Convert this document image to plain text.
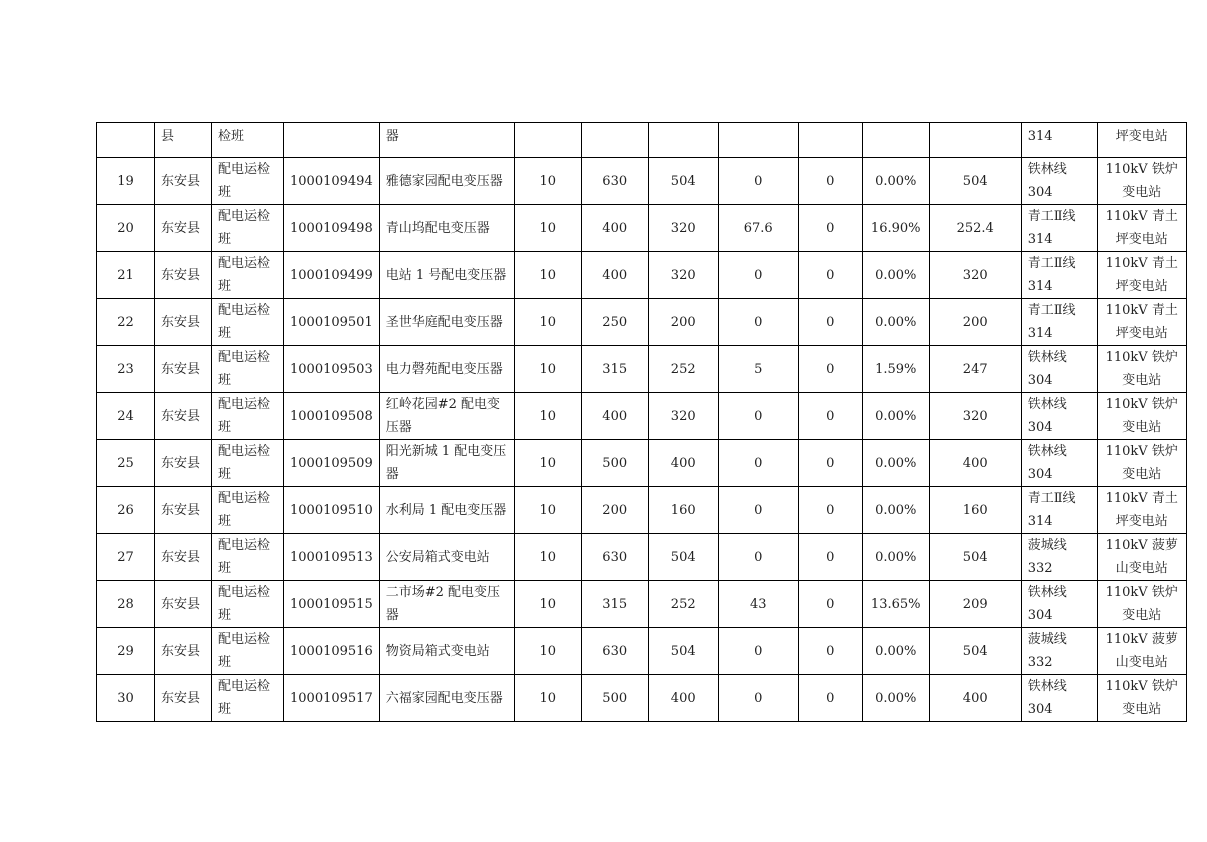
	县	检班		器								314	坪变电站
19	东安县	配电运检班	1000109494	雅德家园配电变压器	10	630	504	0	0	0.00%	504	铁林线304	110kV 铁炉变电站
20	东安县	配电运检班	1000109498	青山坞配电变压器	10	400	320	67.6	0	16.90%	252.4	青工Ⅱ线314	110kV 青土坪变电站
21	东安县	配电运检班	1000109499	电站 1 号配电变压器	10	400	320	0	0	0.00%	320	青工Ⅱ线314	110kV 青土坪变电站
22	东安县	配电运检班	1000109501	圣世华庭配电变压器	10	250	200	0	0	0.00%	200	青工Ⅱ线314	110kV 青土坪变电站
23	东安县	配电运检班	1000109503	电力磬苑配电变压器	10	315	252	5	0	1.59%	247	铁林线304	110kV 铁炉变电站
24	东安县	配电运检班	1000109508	红岭花园#2 配电变压器	10	400	320	0	0	0.00%	320	铁林线304	110kV 铁炉变电站
25	东安县	配电运检班	1000109509	阳光新城 1 配电变压器	10	500	400	0	0	0.00%	400	铁林线304	110kV 铁炉变电站
26	东安县	配电运检班	1000109510	水利局 1 配电变压器	10	200	160	0	0	0.00%	160	青工Ⅱ线314	110kV 青土坪变电站
27	东安县	配电运检班	1000109513	公安局箱式变电站	10	630	504	0	0	0.00%	504	菠城线332	110kV 菠萝山变电站
28	东安县	配电运检班	1000109515	二市场#2 配电变压器	10	315	252	43	0	13.65%	209	铁林线304	110kV 铁炉变电站
29	东安县	配电运检班	1000109516	物资局箱式变电站	10	630	504	0	0	0.00%	504	菠城线332	110kV 菠萝山变电站
30	东安县	配电运检班	1000109517	六福家园配电变压器	10	500	400	0	0	0.00%	400	铁林线304	110kV 铁炉变电站
